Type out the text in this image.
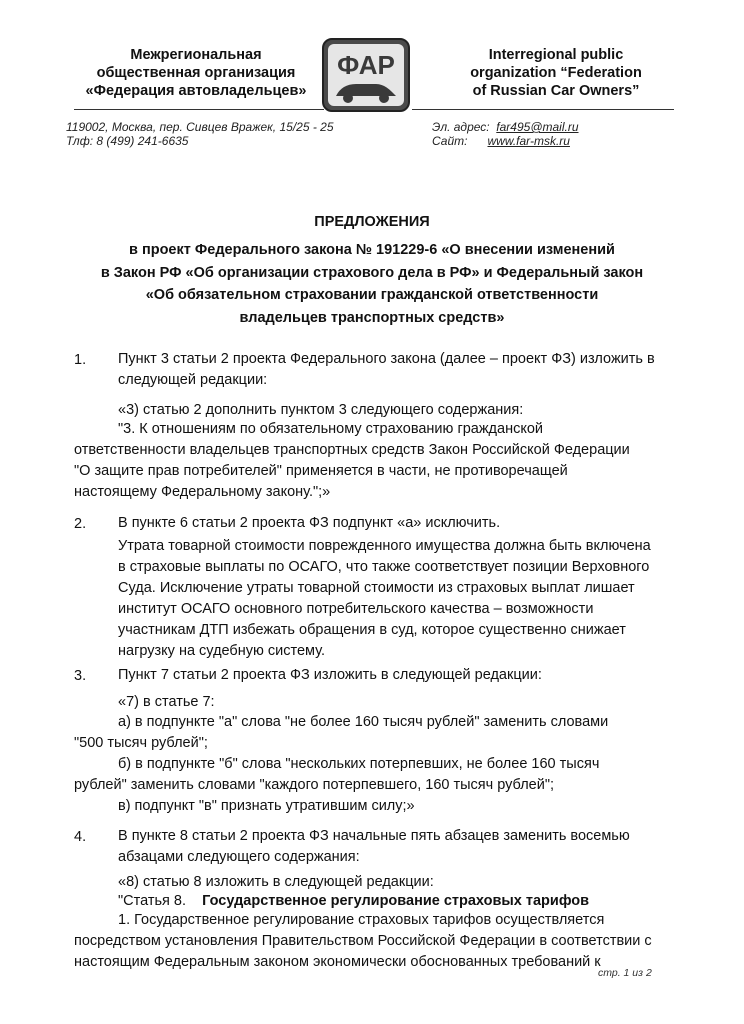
Межрегиональная
общественная организация
«Федерация автовладельцев»
ФАР	Interregional public
organization “Federation
of Russian Car Owners”
119002, Москва, пер. Сивцев Вражек, 15/25 - 25
Тлф: 8 (499) 241-6635
Эл. адрес: far495@mail.ru
Сайт: www.far-msk.ru
ПРЕДЛОЖЕНИЯ
в проект Федерального закона № 191229-6 «О внесении изменений
в Закон РФ «Об организации страхового дела в РФ» и Федеральный закон
«Об обязательном страховании гражданской ответственности
владельцев транспортных средств»
1. Пункт 3 статьи 2 проекта Федерального закона (далее – проект ФЗ) изложить в
следующей редакции:
«3) статью 2 дополнить пунктом 3 следующего содержания:
"3. К отношениям по обязательному страхованию гражданской
ответственности владельцев транспортных средств Закон Российской Федерации
"О защите прав потребителей" применяется в части, не противоречащей
настоящему Федеральному закону.";»
2. В пункте 6 статьи 2 проекта ФЗ подпункт «а» исключить.
Утрата товарной стоимости поврежденного имущества должна быть включена
в страховые выплаты по ОСАГО, что также соответствует позиции Верховного
Суда. Исключение утраты товарной стоимости из страховых выплат лишает
институт ОСАГО основного потребительского качества – возможности
участникам ДТП избежать обращения в суд, которое существенно снижает
нагрузку на судебную систему.
3. Пункт 7 статьи 2 проекта ФЗ изложить в следующей редакции:
«7) в статье 7:
а) в подпункте "а" слова "не более 160 тысяч рублей" заменить словами
"500 тысяч рублей";
б) в подпункте "б" слова "нескольких потерпевших, не более 160 тысяч
рублей" заменить словами "каждого потерпевшего, 160 тысяч рублей";
в) подпункт "в" признать утратившим силу;»
4. В пункте 8 статьи 2 проекта ФЗ начальные пять абзацев заменить восемью
абзацами следующего содержания:
«8) статью 8 изложить в следующей редакции:
"Статья 8. Государственное регулирование страховых тарифов
1. Государственное регулирование страховых тарифов осуществляется
посредством установления Правительством Российской Федерации в соответствии с
настоящим Федеральным законом экономически обоснованных требований к
стр. 1 из 2
